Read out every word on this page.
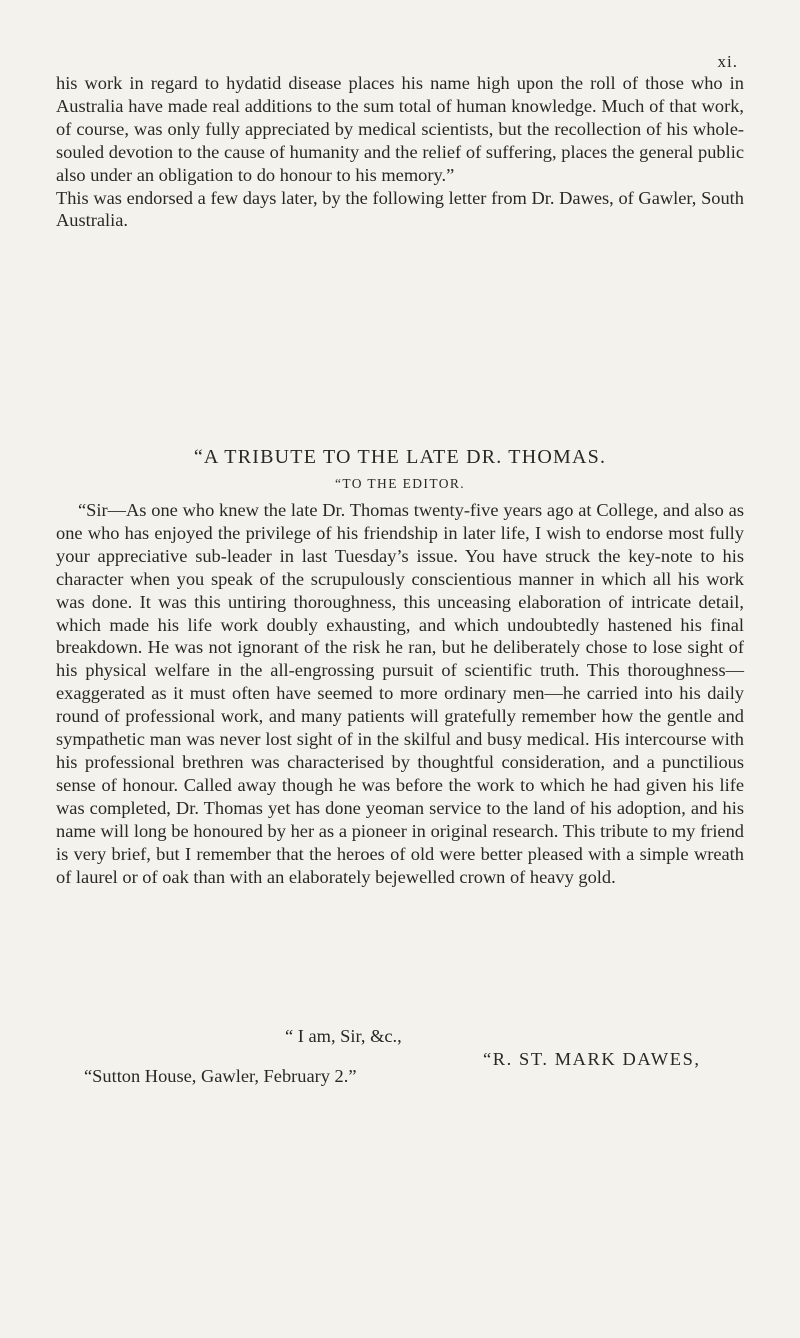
xi.

his work in regard to hydatid disease places his name high upon the roll of those who in Australia have made real additions to the sum total of human knowledge. Much of that work, of course, was only fully appreciated by medical scientists, but the recollection of his whole-souled devotion to the cause of humanity and the relief of suffering, places the general public also under an obligation to do honour to his memory.”

This was endorsed a few days later, by the following letter from Dr. Dawes, of Gawler, South Australia.

“A TRIBUTE TO THE LATE DR. THOMAS.
“TO THE EDITOR.

“Sir—As one who knew the late Dr. Thomas twenty-five years ago at College, and also as one who has enjoyed the privilege of his friendship in later life, I wish to endorse most fully your appreciative sub-leader in last Tuesday’s issue. You have struck the key-note to his character when you speak of the scrupulously conscientious manner in which all his work was done. It was this untiring thoroughness, this unceasing elaboration of intricate detail, which made his life work doubly exhausting, and which undoubtedly hastened his final breakdown. He was not ignorant of the risk he ran, but he deliberately chose to lose sight of his physical welfare in the all-engrossing pursuit of scientific truth. This thoroughness—exaggerated as it must often have seemed to more ordinary men—he carried into his daily round of professional work, and many patients will gratefully remember how the gentle and sympathetic man was never lost sight of in the skilful and busy medical. His intercourse with his professional brethren was characterised by thoughtful consideration, and a punctilious sense of honour. Called away though he was before the work to which he had given his life was completed, Dr. Thomas yet has done yeoman service to the land of his adoption, and his name will long be honoured by her as a pioneer in original research. This tribute to my friend is very brief, but I remember that the heroes of old were better pleased with a simple wreath of laurel or of oak than with an elaborately bejewelled crown of heavy gold.

“ I am, Sir, &c.,
“R. ST. MARK DAWES,
“Sutton House, Gawler, February 2.”
